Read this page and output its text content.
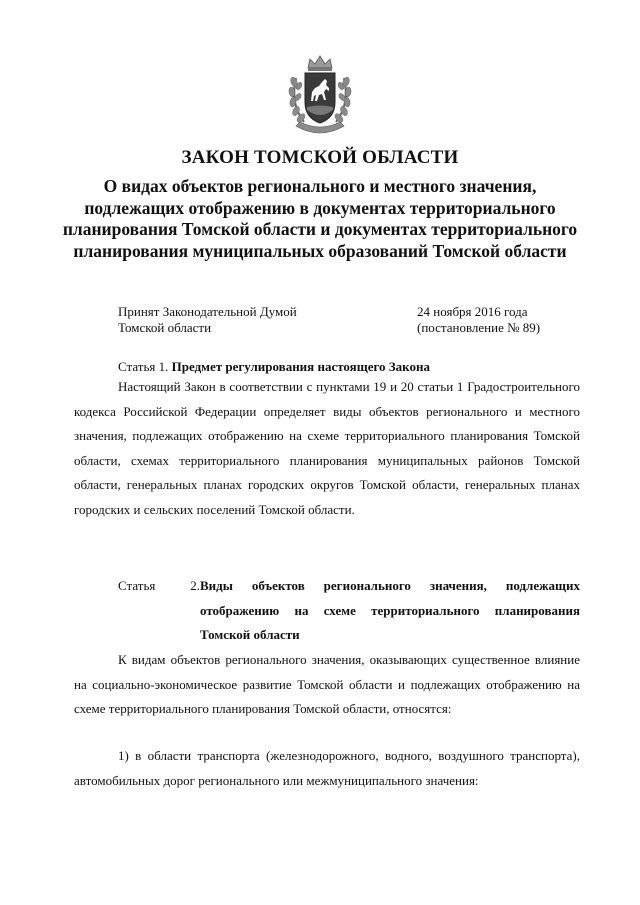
ЗАКОН ТОМСКОЙ ОБЛАСТИ
О видах объектов регионального и местного значения, подлежащих отображению в документах территориального планирования Томской области и документах территориального планирования муниципальных образований Томской области
Принят Законодательной Думой
Томской области
24 ноября 2016 года
(постановление № 89)
Статья 1. Предмет регулирования настоящего Закона
Настоящий Закон в соответствии с пунктами 19 и 20 статьи 1 Градостроительного кодекса Российской Федерации определяет виды объектов регионального и местного значения, подлежащих отображению на схеме территориального планирования Томской области, схемах территориального планирования муниципальных районов Томской области, генеральных планах городских округов Томской области, генеральных планах городских и сельских поселений Томской области.
Статья 2. Виды объектов регионального значения, подлежащих отображению на схеме территориального планирования Томской области
К видам объектов регионального значения, оказывающих существенное влияние на социально-экономическое развитие Томской области и подлежащих отображению на схеме территориального планирования Томской области, относятся:
1) в области транспорта (железнодорожного, водного, воздушного транспорта), автомобильных дорог регионального или межмуниципального значения:
